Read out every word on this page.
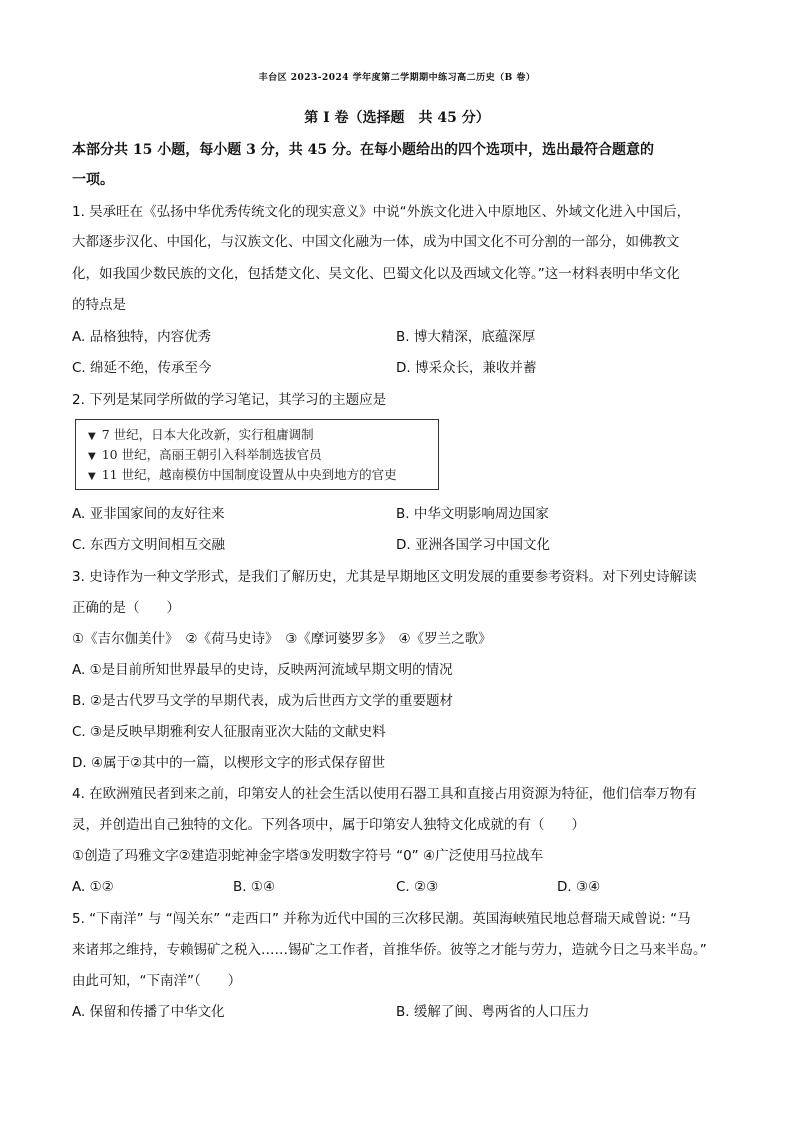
丰台区 2023-2024 学年度第二学期期中练习高二历史（B 卷）
第 I 卷（选择题　共 45 分）
本部分共 15 小题，每小题 3 分，共 45 分。在每小题给出的四个选项中，选出最符合题意的
一项。
1. 吴承旺在《弘扬中华优秀传统文化的现实意义》中说“外族文化进入中原地区、外域文化进入中国后，
大都逐步汉化、中国化，与汉族文化、中国文化融为一体，成为中国文化不可分割的一部分，如佛教文
化，如我国少数民族的文化，包括楚文化、吴文化、巴蜀文化以及西域文化等。”这一材料表明中华文化
的特点是
A. 品格独特，内容优秀	B. 博大精深，底蕴深厚
C. 绵延不绝，传承至今	D. 博采众长，兼收并蓄
2. 下列是某同学所做的学习笔记，其学习的主题应是
▼ 7 世纪，日本大化改新，实行租庸调制
▼ 10 世纪，高丽王朝引入科举制选拔官员
▼ 11 世纪，越南模仿中国制度设置从中央到地方的官吏
A. 亚非国家间的友好往来	B. 中华文明影响周边国家
C. 东西方文明间相互交融	D. 亚洲各国学习中国文化
3. 史诗作为一种文学形式，是我们了解历史，尤其是早期地区文明发展的重要参考资料。对下列史诗解读
正确的是（　　）
①《吉尔伽美什》　②《荷马史诗》　③《摩诃婆罗多》　④《罗兰之歌》
A. ①是目前所知世界最早的史诗，反映两河流域早期文明的情况
B. ②是古代罗马文学的早期代表，成为后世西方文学的重要题材
C. ③是反映早期雅利安人征服南亚次大陆的文献史料
D. ④属于②其中的一篇，以楔形文字的形式保存留世
4. 在欧洲殖民者到来之前，印第安人的社会生活以使用石器工具和直接占用资源为特征，他们信奉万物有
灵，并创造出自己独特的文化。下列各项中，属于印第安人独特文化成就的有（　　）
①创造了玛雅文字②建造羽蛇神金字塔③发明数字符号 “0” ④广泛使用马拉战车
A. ①②	B. ①④	C. ②③	D. ③④
5. “下南洋” 与 “闯关东” “走西口” 并称为近代中国的三次移民潮。英国海峡殖民地总督瑞天咸曾说: “马
来诸邦之维持，专赖锡矿之税入……锡矿之工作者，首推华侨。彼等之才能与劳力，造就今日之马来半岛。”
由此可知，“下南洋”（　　）
A. 保留和传播了中华文化	B. 缓解了闽、粤两省的人口压力
